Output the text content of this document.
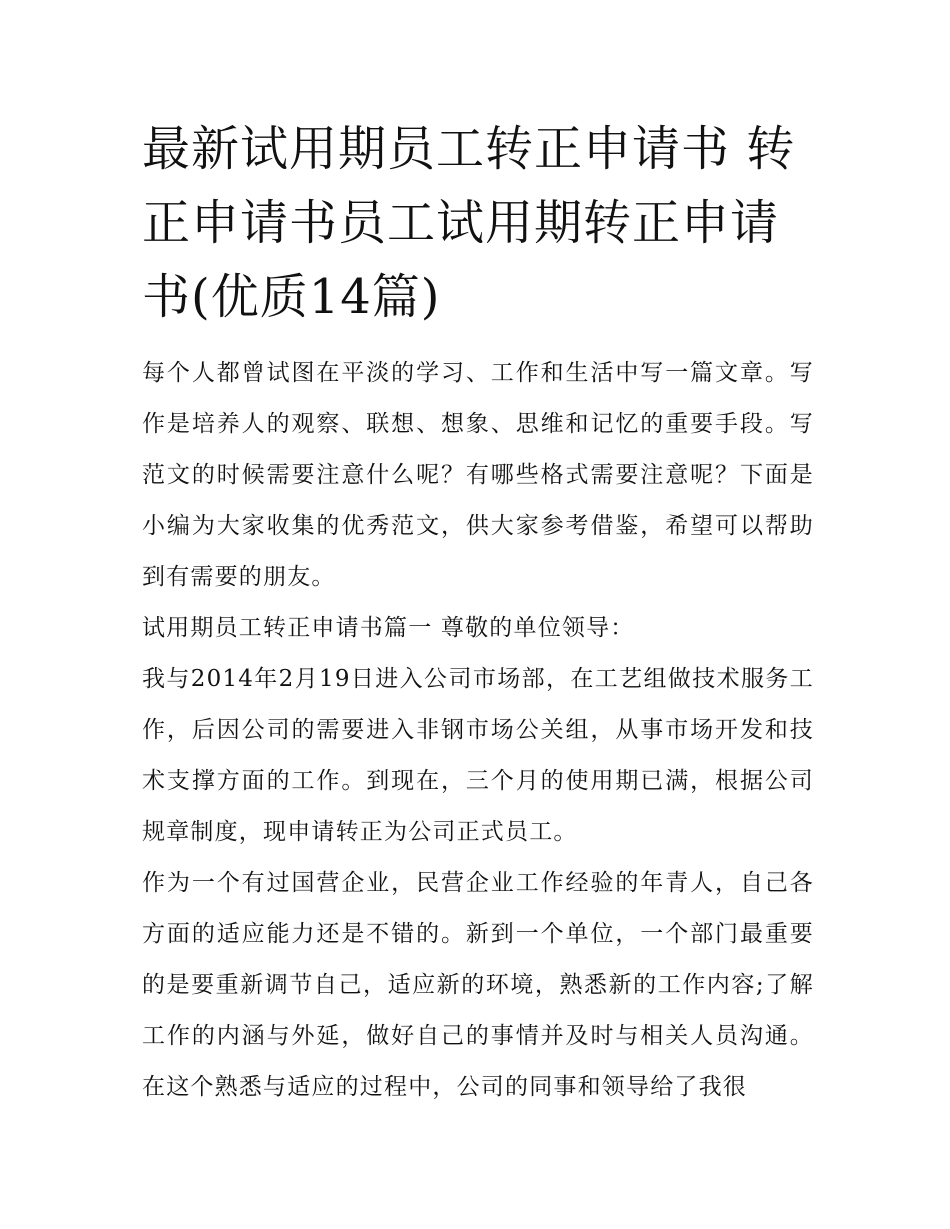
最新试用期员工转正申请书 转正申请书员工试用期转正申请书(优质14篇)

每个人都曾试图在平淡的学习、工作和生活中写一篇文章。写作是培养人的观察、联想、想象、思维和记忆的重要手段。写范文的时候需要注意什么呢？有哪些格式需要注意呢？下面是小编为大家收集的优秀范文，供大家参考借鉴，希望可以帮助到有需要的朋友。

试用期员工转正申请书篇一 尊敬的单位领导：

我与2014年2月19日进入公司市场部，在工艺组做技术服务工作，后因公司的需要进入非钢市场公关组，从事市场开发和技术支撑方面的工作。到现在，三个月的使用期已满，根据公司规章制度，现申请转正为公司正式员工。

作为一个有过国营企业，民营企业工作经验的年青人，自己各方面的适应能力还是不错的。新到一个单位，一个部门最重要的是要重新调节自己，适应新的环境，熟悉新的工作内容;了解工作的内涵与外延，做好自己的事情并及时与相关人员沟通。在这个熟悉与适应的过程中，公司的同事和领导给了我很
